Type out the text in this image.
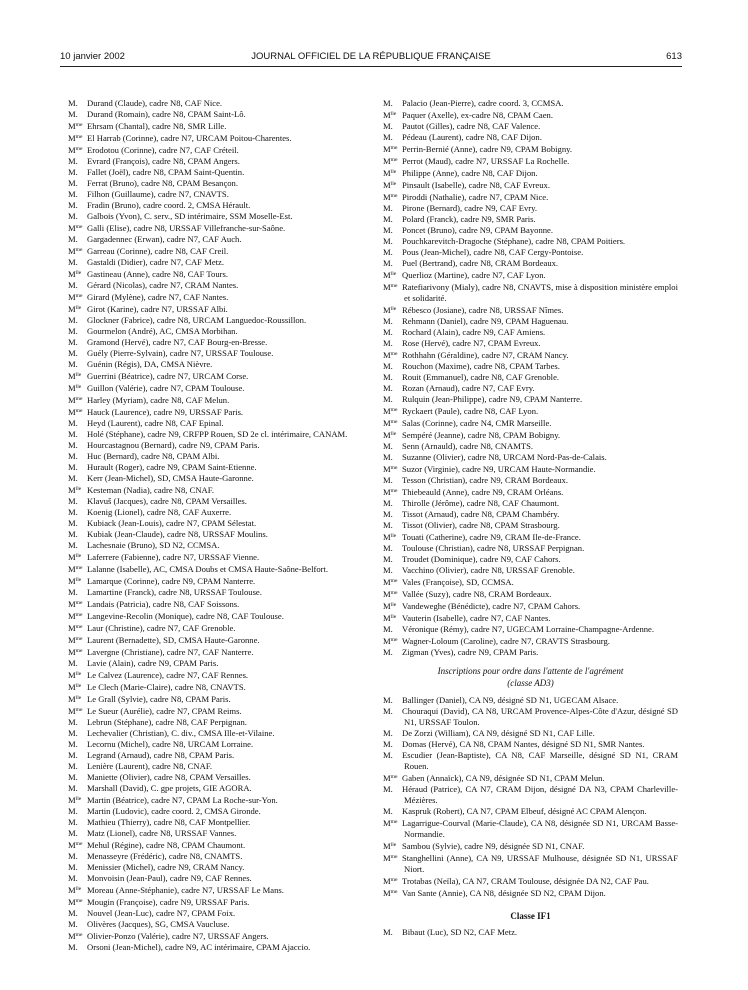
10 janvier 2002	JOURNAL OFFICIEL DE LA RÉPUBLIQUE FRANÇAISE	613
M. Durand (Claude), cadre N8, CAF Nice.
M. Durand (Romain), cadre N8, CPAM Saint-Lô.
$M^{me}$ Ehrsam (Chantal), cadre N8, SMR Lille.
$M^{me}$ El Harrab (Corinne), cadre N7, URCAM Poitou-Charentes.
$M^{me}$ Erodotou (Corinne), cadre N7, CAF Créteil.
M. Evrard (François), cadre N8, CPAM Angers.
M. Fallet (Joël), cadre N8, CPAM Saint-Quentin.
M. Ferrat (Bruno), cadre N8, CPAM Besançon.
M. Filhon (Guillaume), cadre N7, CNAVTS.
M. Fradin (Bruno), cadre coord. 2, CMSA Hérault.
M. Galbois (Yvon), C. serv., SD intérimaire, SSM Moselle-Est.
$M^{me}$ Galli (Elise), cadre N8, URSSAF Villefranche-sur-Saône.
M. Gargadennec (Erwan), cadre N7, CAF Auch.
$M^{me}$ Garreau (Corinne), cadre N8, CAF Creil.
M. Gastaldi (Didier), cadre N7, CAF Metz.
$M^{lle}$ Gastineau (Anne), cadre N8, CAF Tours.
M. Gérard (Nicolas), cadre N7, CRAM Nantes.
$M^{me}$ Girard (Mylène), cadre N7, CAF Nantes.
$M^{lle}$ Girot (Karine), cadre N7, URSSAF Albi.
M. Glockner (Fabrice), cadre N8, URCAM Languedoc-Roussillon.
M. Gourmelon (André), AC, CMSA Morbihan.
M. Gramond (Hervé), cadre N7, CAF Bourg-en-Bresse.
M. Guély (Pierre-Sylvain), cadre N7, URSSAF Toulouse.
M. Guénin (Régis), DA, CMSA Nièvre.
$M^{lle}$ Guerrini (Béatrice), cadre N7, URCAM Corse.
$M^{lle}$ Guillon (Valérie), cadre N7, CPAM Toulouse.
$M^{me}$ Harley (Myriam), cadre N8, CAF Melun.
$M^{me}$ Hauck (Laurence), cadre N9, URSSAF Paris.
M. Heyd (Laurent), cadre N8, CAF Epinal.
M. Holé (Stéphane), cadre N9, CRFPP Rouen, SD 2e cl. intérimaire, CANAM.
M. Hourcastagnou (Bernard), cadre N9, CPAM Paris.
M. Huc (Bernard), cadre N8, CPAM Albi.
M. Hurault (Roger), cadre N9, CPAM Saint-Etienne.
M. Kerr (Jean-Michel), SD, CMSA Haute-Garonne.
$M^{lle}$ Kesteman (Nadia), cadre N8, CNAF.
M. Klavuš (Jacques), cadre N8, CPAM Versailles.
M. Koenig (Lionel), cadre N8, CAF Auxerre.
M. Kubiack (Jean-Louis), cadre N7, CPAM Sélestat.
M. Kubiak (Jean-Claude), cadre N8, URSSAF Moulins.
M. Lachesnaie (Bruno), SD N2, CCMSA.
$M^{lle}$ Laferrere (Fabienne), cadre N7, URSSAF Vienne.
$M^{me}$ Lalanne (Isabelle), AC, CMSA Doubs et CMSA Haute-Saône-Belfort.
$M^{lle}$ Lamarque (Corinne), cadre N9, CPAM Nanterre.
M. Lamartine (Franck), cadre N8, URSSAF Toulouse.
$M^{me}$ Landais (Patricia), cadre N8, CAF Soissons.
$M^{me}$ Langevine-Recolin (Monique), cadre N8, CAF Toulouse.
$M^{me}$ Laur (Christine), cadre N7, CAF Grenoble.
$M^{me}$ Laurent (Bernadette), SD, CMSA Haute-Garonne.
$M^{me}$ Lavergne (Christiane), cadre N7, CAF Nanterre.
M. Lavie (Alain), cadre N9, CPAM Paris.
$M^{lle}$ Le Calvez (Laurence), cadre N7, CAF Rennes.
$M^{lle}$ Le Clech (Marie-Claire), cadre N8, CNAVTS.
$M^{lle}$ Le Grall (Sylvie), cadre N8, CPAM Paris.
$M^{me}$ Le Sueur (Aurélie), cadre N7, CPAM Reims.
M. Lebrun (Stéphane), cadre N8, CAF Perpignan.
M. Lechevalier (Christian), C. div., CMSA Ille-et-Vilaine.
M. Lecornu (Michel), cadre N8, URCAM Lorraine.
M. Legrand (Arnaud), cadre N8, CPAM Paris.
M. Lenière (Laurent), cadre N8, CNAF.
M. Maniette (Olivier), cadre N8, CPAM Versailles.
M. Marshall (David), C. gpe projets, GIE AGORA.
$M^{lle}$ Martin (Béatrice), cadre N7, CPAM La Roche-sur-Yon.
M. Martin (Ludovic), cadre coord. 2, CMSA Gironde.
M. Mathieu (Thierry), cadre N8, CAF Montpellier.
M. Matz (Lionel), cadre N8, URSSAF Vannes.
$M^{me}$ Mehul (Régine), cadre N8, CPAM Chaumont.
M. Menasseyre (Frédéric), cadre N8, CNAMTS.
M. Menissier (Michel), cadre N9, CRAM Nancy.
M. Monvoisin (Jean-Paul), cadre N9, CAF Rennes.
$M^{lle}$ Moreau (Anne-Stéphanie), cadre N7, URSSAF Le Mans.
$M^{me}$ Mougin (Françoise), cadre N9, URSSAF Paris.
M. Nouvel (Jean-Luc), cadre N7, CPAM Foix.
M. Olivères (Jacques), SG, CMSA Vaucluse.
$M^{me}$ Olivier-Ponzo (Valérie), cadre N7, URSSAF Angers.
M. Orsoni (Jean-Michel), cadre N9, AC intérimaire, CPAM Ajaccio.
M. Palacio (Jean-Pierre), cadre coord. 3, CCMSA.
$M^{lle}$ Paquer (Axelle), ex-cadre N8, CPAM Caen.
M. Pautot (Gilles), cadre N8, CAF Valence.
M. Pédeau (Laurent), cadre N8, CAF Dijon.
$M^{me}$ Perrin-Bernié (Anne), cadre N9, CPAM Bobigny.
$M^{me}$ Perrot (Maud), cadre N7, URSSAF La Rochelle.
$M^{lle}$ Philippe (Anne), cadre N8, CAF Dijon.
$M^{lle}$ Pinsault (Isabelle), cadre N8, CAF Evreux.
$M^{me}$ Piroddi (Nathalie), cadre N7, CPAM Nice.
M. Pirone (Bernard), cadre N9, CAF Evry.
M. Polard (Franck), cadre N9, SMR Paris.
M. Poncet (Bruno), cadre N9, CPAM Bayonne.
M. Pouchkarevitch-Dragoche (Stéphane), cadre N8, CPAM Poitiers.
M. Pous (Jean-Michel), cadre N8, CAF Cergy-Pontoise.
M. Puel (Bertrand), cadre N8, CRAM Bordeaux.
$M^{lle}$ Querlioz (Martine), cadre N7, CAF Lyon.
$M^{me}$ Ratefiarivony (Mialy), cadre N8, CNAVTS, mise à disposition ministère emploi et solidarité.
$M^{lle}$ Rébesco (Josiane), cadre N8, URSSAF Nîmes.
M. Rehmann (Daniel), cadre N9, CPAM Haguenau.
M. Rochard (Alain), cadre N9, CAF Amiens.
M. Rose (Hervé), cadre N7, CPAM Evreux.
$M^{me}$ Rothhahn (Géraldine), cadre N7, CRAM Nancy.
M. Rouchon (Maxime), cadre N8, CPAM Tarbes.
M. Rouit (Emmanuel), cadre N8, CAF Grenoble.
M. Rozan (Arnaud), cadre N7, CAF Evry.
M. Rulquin (Jean-Philippe), cadre N9, CPAM Nanterre.
$M^{me}$ Ryckaert (Paule), cadre N8, CAF Lyon.
$M^{me}$ Salas (Corinne), cadre N4, CMR Marseille.
$M^{lle}$ Sempéré (Jeanne), cadre N8, CPAM Bobigny.
M. Senn (Arnauld), cadre N8, CNAMTS.
M. Suzanne (Olivier), cadre N8, URCAM Nord-Pas-de-Calais.
$M^{me}$ Suzor (Virginie), cadre N9, URCAM Haute-Normandie.
M. Tesson (Christian), cadre N9, CRAM Bordeaux.
$M^{me}$ Thiebeauld (Anne), cadre N9, CRAM Orléans.
M. Thirolle (Jérôme), cadre N8, CAF Chaumont.
M. Tissot (Arnaud), cadre N8, CPAM Chambéry.
M. Tissot (Olivier), cadre N8, CPAM Strasbourg.
$M^{lle}$ Touati (Catherine), cadre N9, CRAM Ile-de-France.
M. Toulouse (Christian), cadre N8, URSSAF Perpignan.
M. Troudet (Dominique), cadre N9, CAF Cahors.
M. Vacchino (Olivier), cadre N8, URSSAF Grenoble.
$M^{me}$ Vales (Françoise), SD, CCMSA.
$M^{me}$ Vallée (Suzy), cadre N8, CRAM Bordeaux.
$M^{lle}$ Vandeweghe (Bénédicte), cadre N7, CPAM Cahors.
$M^{lle}$ Vauterin (Isabelle), cadre N7, CAF Nantes.
M. Véronique (Rémy), cadre N7, UGECAM Lorraine-Champagne-Ardenne.
$M^{me}$ Wagner-Loloum (Caroline), cadre N7, CRAVTS Strasbourg.
M. Zigman (Yves), cadre N9, CPAM Paris.
Inscriptions pour ordre dans l'attente de l'agrément
(classe AD3)
M. Ballinger (Daniel), CA N9, désigné SD N1, UGECAM Alsace.
M. Chouraqui (David), CA N8, URCAM Provence-Alpes-Côte d'Azur, désigné SD N1, URSSAF Toulon.
M. De Zorzi (William), CA N9, désigné SD N1, CAF Lille.
M. Domas (Hervé), CA N8, CPAM Nantes, désigné SD N1, SMR Nantes.
M. Escudier (Jean-Baptiste), CA N8, CAF Marseille, désigné SD N1, CRAM Rouen.
$M^{me}$ Gaben (Annaïck), CA N9, désignée SD N1, CPAM Melun.
M. Héraud (Patrice), CA N7, CRAM Dijon, désigné DA N3, CPAM Charleville-Mézières.
M. Kaspruk (Robert), CA N7, CPAM Elbeuf, désigné AC CPAM Alençon.
$M^{me}$ Lagarrigue-Courval (Marie-Claude), CA N8, désignée SD N1, URCAM Basse-Normandie.
$M^{lle}$ Sambou (Sylvie), cadre N9, désignée SD N1, CNAF.
$M^{me}$ Stanghellini (Anne), CA N9, URSSAF Mulhouse, désignée SD N1, URSSAF Niort.
$M^{me}$ Trotabas (Neïla), CA N7, CRAM Toulouse, désignée DA N2, CAF Pau.
$M^{me}$ Van Sante (Annie), CA N8, désignée SD N2, CPAM Dijon.
Classe IF1
M. Bibaut (Luc), SD N2, CAF Metz.
